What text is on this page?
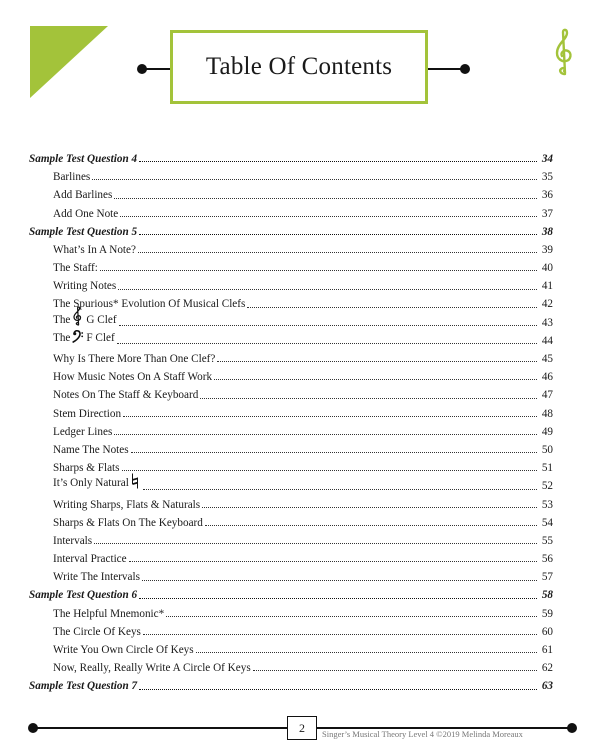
Table Of Contents
Sample Test Question 4	34
Barlines	35
Add Barlines	36
Add One Note	37
Sample Test Question 5	38
What’s In A Note?	39
The Staff:	40
Writing Notes	41
The Spurious* Evolution Of Musical Clefs	42
The G Clef	43
The F Clef	44
Why Is There More Than One Clef?	45
How Music Notes On A Staff Work	46
Notes On The Staff & Keyboard	47
Stem Direction	48
Ledger Lines	49
Name The Notes	50
Sharps & Flats	51
It’s Only Natural	52
Writing Sharps, Flats & Naturals	53
Sharps & Flats On The Keyboard	54
Intervals	55
Interval Practice	56
Write The Intervals	57
Sample Test Question 6	58
The Helpful Mnemonic*	59
The Circle Of Keys	60
Write You Own Circle Of Keys	61
Now, Really, Really Write A Circle Of Keys	62
Sample Test Question 7	63
2	Singer’s Musical Theory Level 4 ©2019 Melinda Moreaux
